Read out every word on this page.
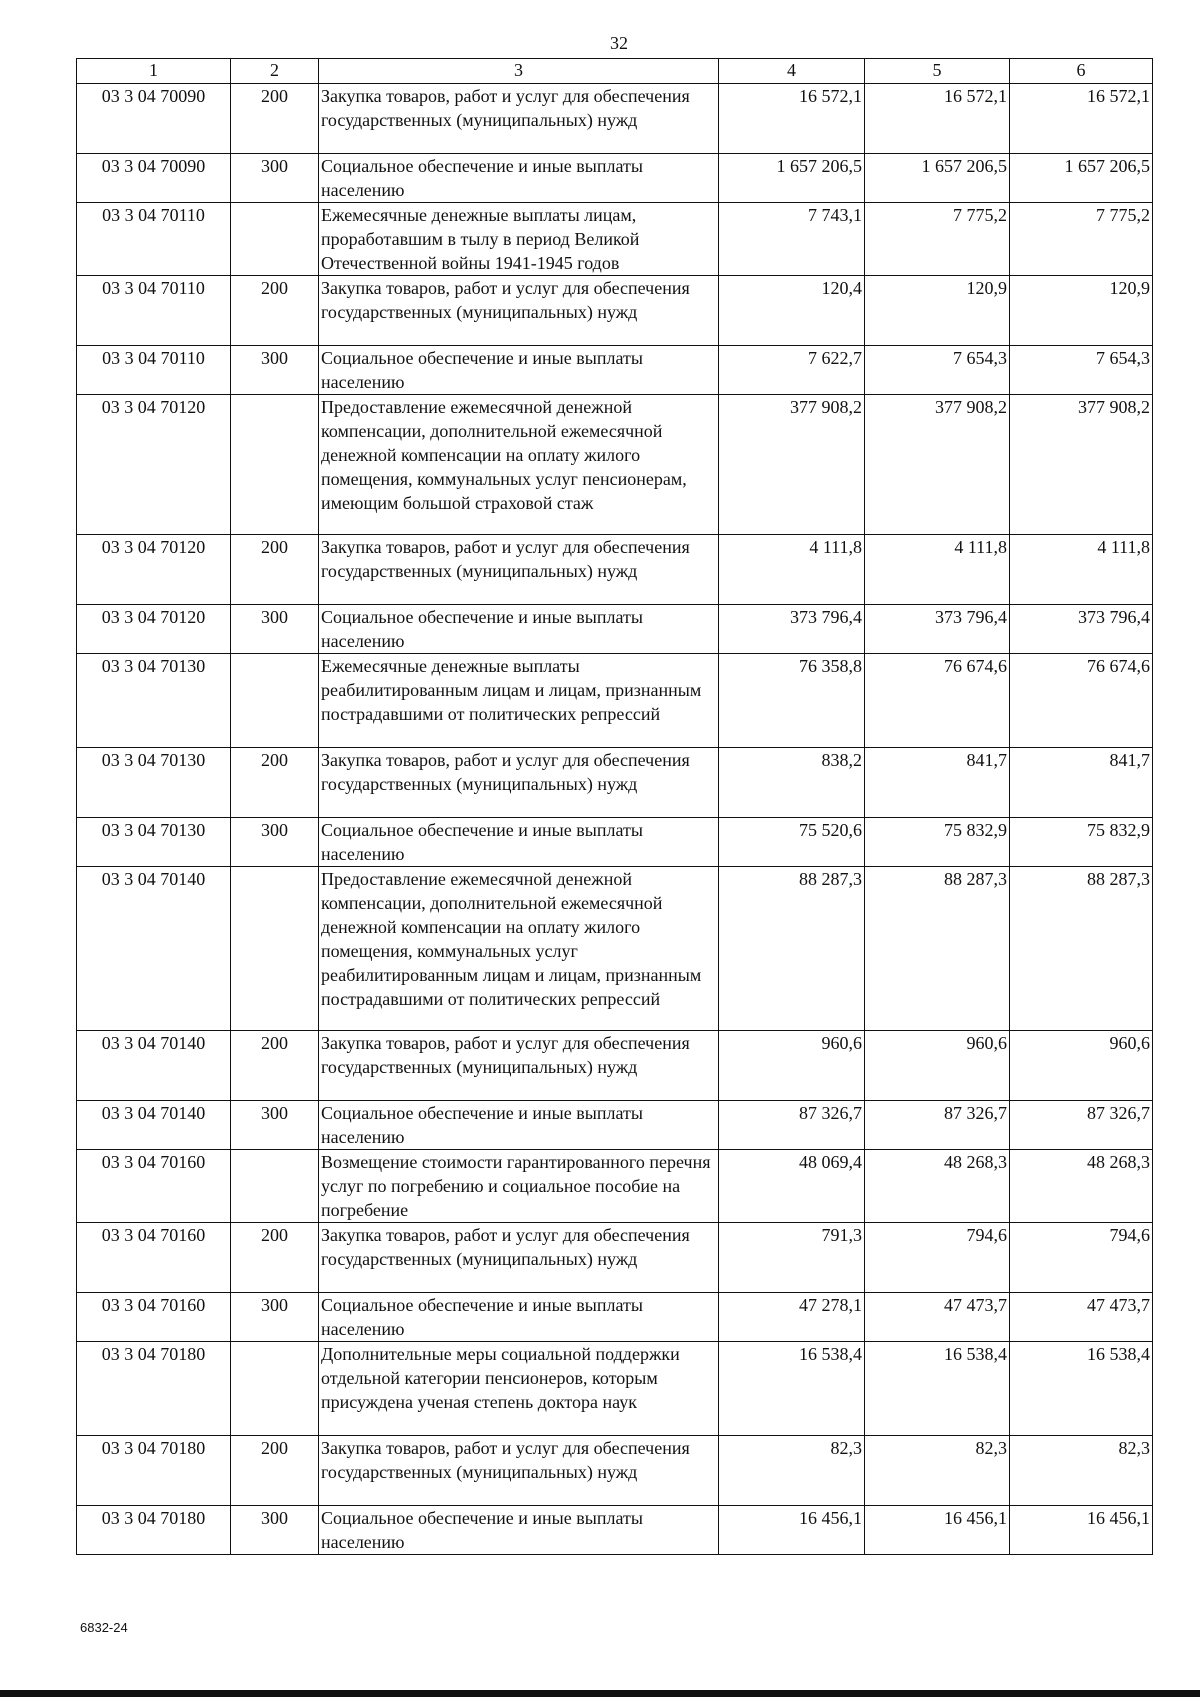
32
1	2	3	4	5	6
03 3 04 70090	200	Закупка товаров, работ и услуг для обеспечения государственных (муниципальных) нужд	16 572,1	16 572,1	16 572,1
03 3 04 70090	300	Социальное обеспечение и иные выплаты населению	1 657 206,5	1 657 206,5	1 657 206,5
03 3 04 70110		Ежемесячные денежные выплаты лицам, проработавшим в тылу в период Великой Отечественной войны 1941-1945 годов	7 743,1	7 775,2	7 775,2
03 3 04 70110	200	Закупка товаров, работ и услуг для обеспечения государственных (муниципальных) нужд	120,4	120,9	120,9
03 3 04 70110	300	Социальное обеспечение и иные выплаты населению	7 622,7	7 654,3	7 654,3
03 3 04 70120		Предоставление ежемесячной денежной компенсации, дополнительной ежемесячной денежной компенсации на оплату жилого помещения, коммунальных услуг пенсионерам, имеющим большой страховой стаж	377 908,2	377 908,2	377 908,2
03 3 04 70120	200	Закупка товаров, работ и услуг для обеспечения государственных (муниципальных) нужд	4 111,8	4 111,8	4 111,8
03 3 04 70120	300	Социальное обеспечение и иные выплаты населению	373 796,4	373 796,4	373 796,4
03 3 04 70130		Ежемесячные денежные выплаты реабилитированным лицам и лицам, признанным пострадавшими от политических репрессий	76 358,8	76 674,6	76 674,6
03 3 04 70130	200	Закупка товаров, работ и услуг для обеспечения государственных (муниципальных) нужд	838,2	841,7	841,7
03 3 04 70130	300	Социальное обеспечение и иные выплаты населению	75 520,6	75 832,9	75 832,9
03 3 04 70140		Предоставление ежемесячной денежной компенсации, дополнительной ежемесячной денежной компенсации на оплату жилого помещения, коммунальных услуг реабилитированным лицам и лицам, признанным пострадавшими от политических репрессий	88 287,3	88 287,3	88 287,3
03 3 04 70140	200	Закупка товаров, работ и услуг для обеспечения государственных (муниципальных) нужд	960,6	960,6	960,6
03 3 04 70140	300	Социальное обеспечение и иные выплаты населению	87 326,7	87 326,7	87 326,7
03 3 04 70160		Возмещение стоимости гарантированного перечня услуг по погребению и социальное пособие на погребение	48 069,4	48 268,3	48 268,3
03 3 04 70160	200	Закупка товаров, работ и услуг для обеспечения государственных (муниципальных) нужд	791,3	794,6	794,6
03 3 04 70160	300	Социальное обеспечение и иные выплаты населению	47 278,1	47 473,7	47 473,7
03 3 04 70180		Дополнительные меры социальной поддержки отдельной категории пенсионеров, которым присуждена ученая степень доктора наук	16 538,4	16 538,4	16 538,4
03 3 04 70180	200	Закупка товаров, работ и услуг для обеспечения государственных (муниципальных) нужд	82,3	82,3	82,3
03 3 04 70180	300	Социальное обеспечение и иные выплаты населению	16 456,1	16 456,1	16 456,1
6832-24
